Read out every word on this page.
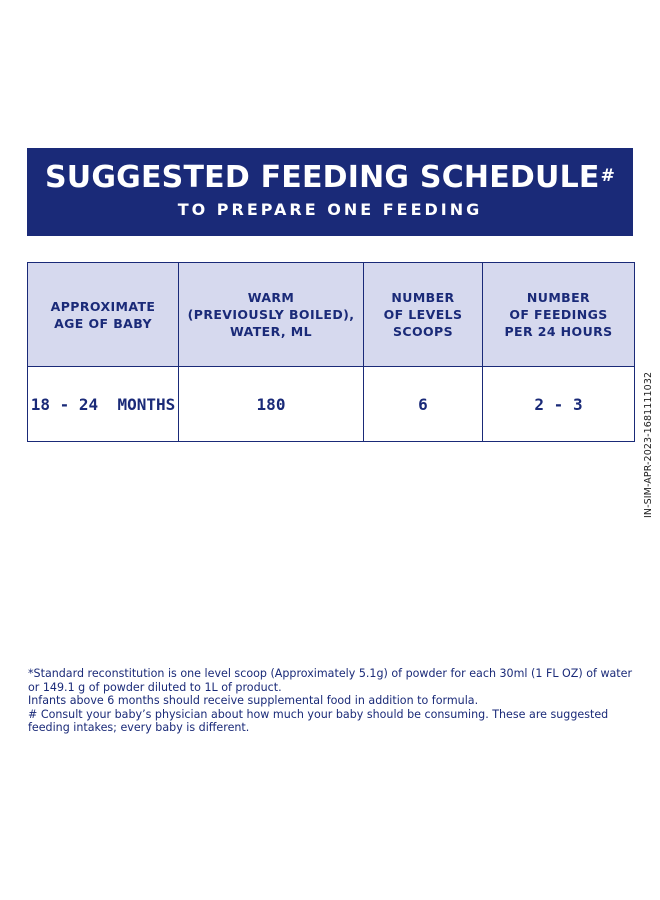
SUGGESTED FEEDING SCHEDULE#
TO PREPARE ONE FEEDING
APPROXIMATE
AGE OF BABY	WARM
(PREVIOUSLY BOILED),
WATER, ML	NUMBER
OF LEVELS
SCOOPS	NUMBER
OF FEEDINGS
PER 24 HOURS

18 - 24  MONTHS	180	6	2 - 3	IN-SIM-APR-2023-1681111032

*Standard reconstitution is one level scoop (Approximately 5.1g) of powder for each 30ml (1 FL OZ) of water or 149.1 g of powder diluted to 1L of product.

Infants above 6 months should receive supplemental food in addition to formula.

# Consult your baby’s physician about how much your baby should be consuming. These are suggested feeding intakes; every baby is different.
